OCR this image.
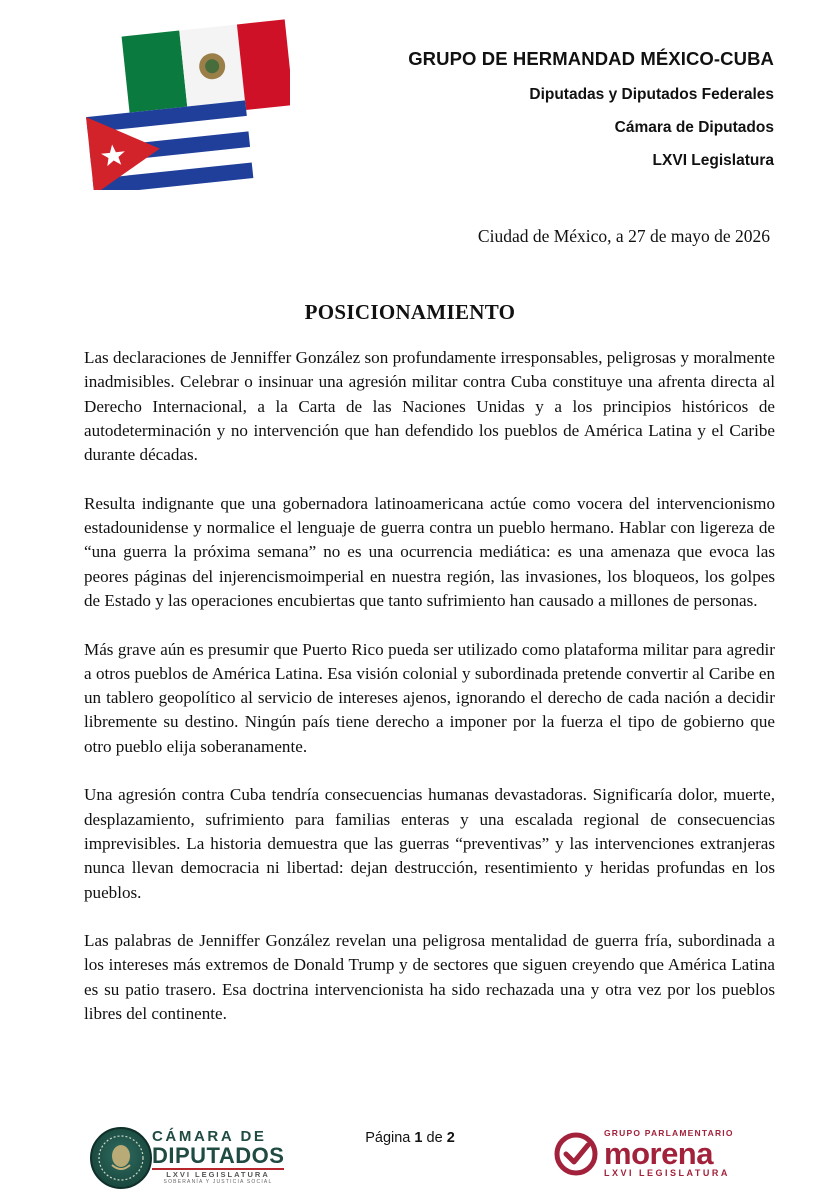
GRUPO DE HERMANDAD MÉXICO-CUBA
Diputadas y Diputados Federales
Cámara de Diputados
LXVI Legislatura
Ciudad de México, a 27 de mayo de 2026
POSICIONAMIENTO

Las declaraciones de Jenniffer González son profundamente irresponsables, peligrosas y moralmente inadmisibles. Celebrar o insinuar una agresión militar contra Cuba constituye una afrenta directa al Derecho Internacional, a la Carta de las Naciones Unidas y a los principios históricos de autodeterminación y no intervención que han defendido los pueblos de América Latina y el Caribe durante décadas.

Resulta indignante que una gobernadora latinoamericana actúe como vocera del intervencionismo estadounidense y normalice el lenguaje de guerra contra un pueblo hermano. Hablar con ligereza de “una guerra la próxima semana” no es una ocurrencia mediática: es una amenaza que evoca las peores páginas del injerencismoimperial en nuestra región, las invasiones, los bloqueos, los golpes de Estado y las operaciones encubiertas que tanto sufrimiento han causado a millones de personas.

Más grave aún es presumir que Puerto Rico pueda ser utilizado como plataforma militar para agredir a otros pueblos de América Latina. Esa visión colonial y subordinada pretende convertir al Caribe en un tablero geopolítico al servicio de intereses ajenos, ignorando el derecho de cada nación a decidir libremente su destino. Ningún país tiene derecho a imponer por la fuerza el tipo de gobierno que otro pueblo elija soberanamente.

Una agresión contra Cuba tendría consecuencias humanas devastadoras. Significaría dolor, muerte, desplazamiento, sufrimiento para familias enteras y una escalada regional de consecuencias imprevisibles. La historia demuestra que las guerras “preventivas” y las intervenciones extranjeras nunca llevan democracia ni libertad: dejan destrucción, resentimiento y heridas profundas en los pueblos.

Las palabras de Jenniffer González revelan una peligrosa mentalidad de guerra fría, subordinada a los intereses más extremos de Donald Trump y de sectores que siguen creyendo que América Latina es su patio trasero. Esa doctrina intervencionista ha sido rechazada una y otra vez por los pueblos libres del continente.

CÁMARA DE
DIPUTADOS
LXVI LEGISLATURA
SOBERANÍA Y JUSTICIA SOCIAL
Página 1 de 2	GRUPO PARLAMENTARIO
morena
LXVI LEGISLATURA
